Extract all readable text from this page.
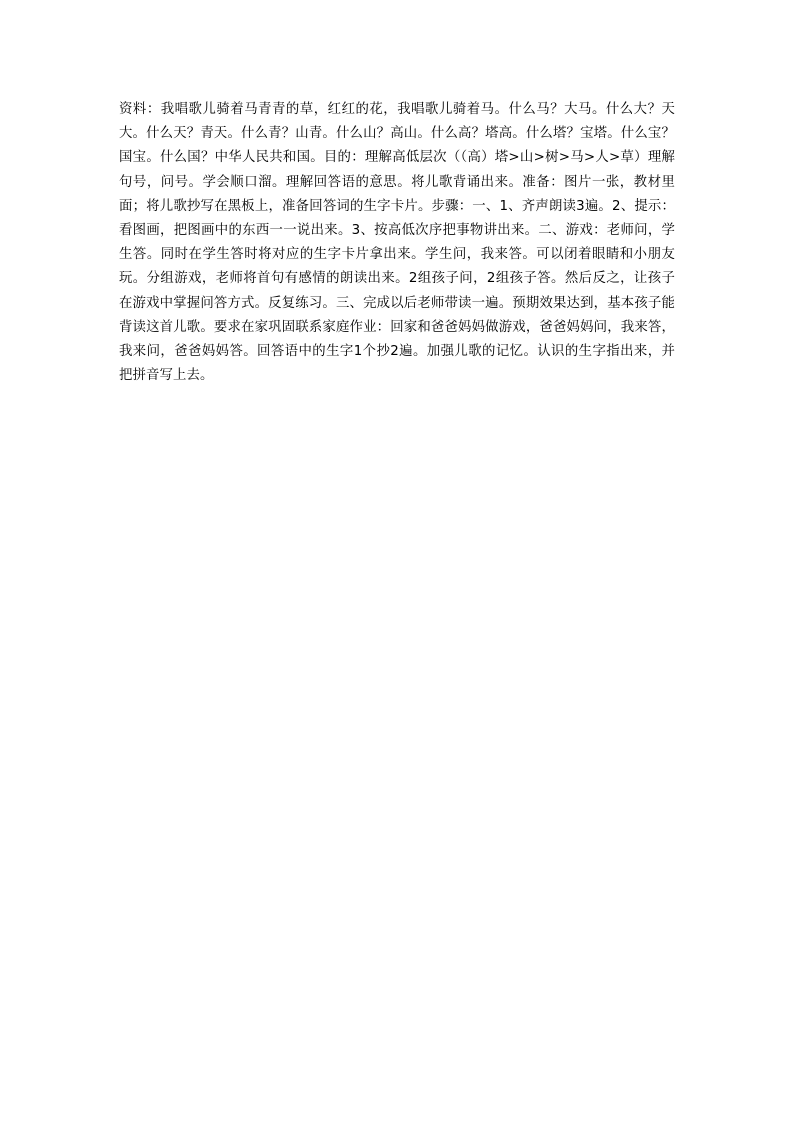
资料：我唱歌儿骑着马青青的草，红红的花，我唱歌儿骑着马。什么马？大马。什么大？天大。什么天？青天。什么青？山青。什么山？高山。什么高？塔高。什么塔？宝塔。什么宝？国宝。什么国？中华人民共和国。目的：理解高低层次（（高）塔>山>树>马>人>草）理解句号，问号。学会顺口溜。理解回答语的意思。将儿歌背诵出来。准备：图片一张，教材里面；将儿歌抄写在黑板上，准备回答词的生字卡片。步骤：一、1、齐声朗读3遍。2、提示：看图画，把图画中的东西一一说出来。3、按高低次序把事物讲出来。二、游戏：老师问，学生答。同时在学生答时将对应的生字卡片拿出来。学生问，我来答。可以闭着眼睛和小朋友玩。分组游戏，老师将首句有感情的朗读出来。2组孩子问，2组孩子答。然后反之，让孩子在游戏中掌握问答方式。反复练习。三、完成以后老师带读一遍。预期效果达到，基本孩子能背读这首儿歌。要求在家巩固联系家庭作业：回家和爸爸妈妈做游戏，爸爸妈妈问，我来答，我来问，爸爸妈妈答。回答语中的生字1个抄2遍。加强儿歌的记忆。认识的生字指出来，并把拼音写上去。
